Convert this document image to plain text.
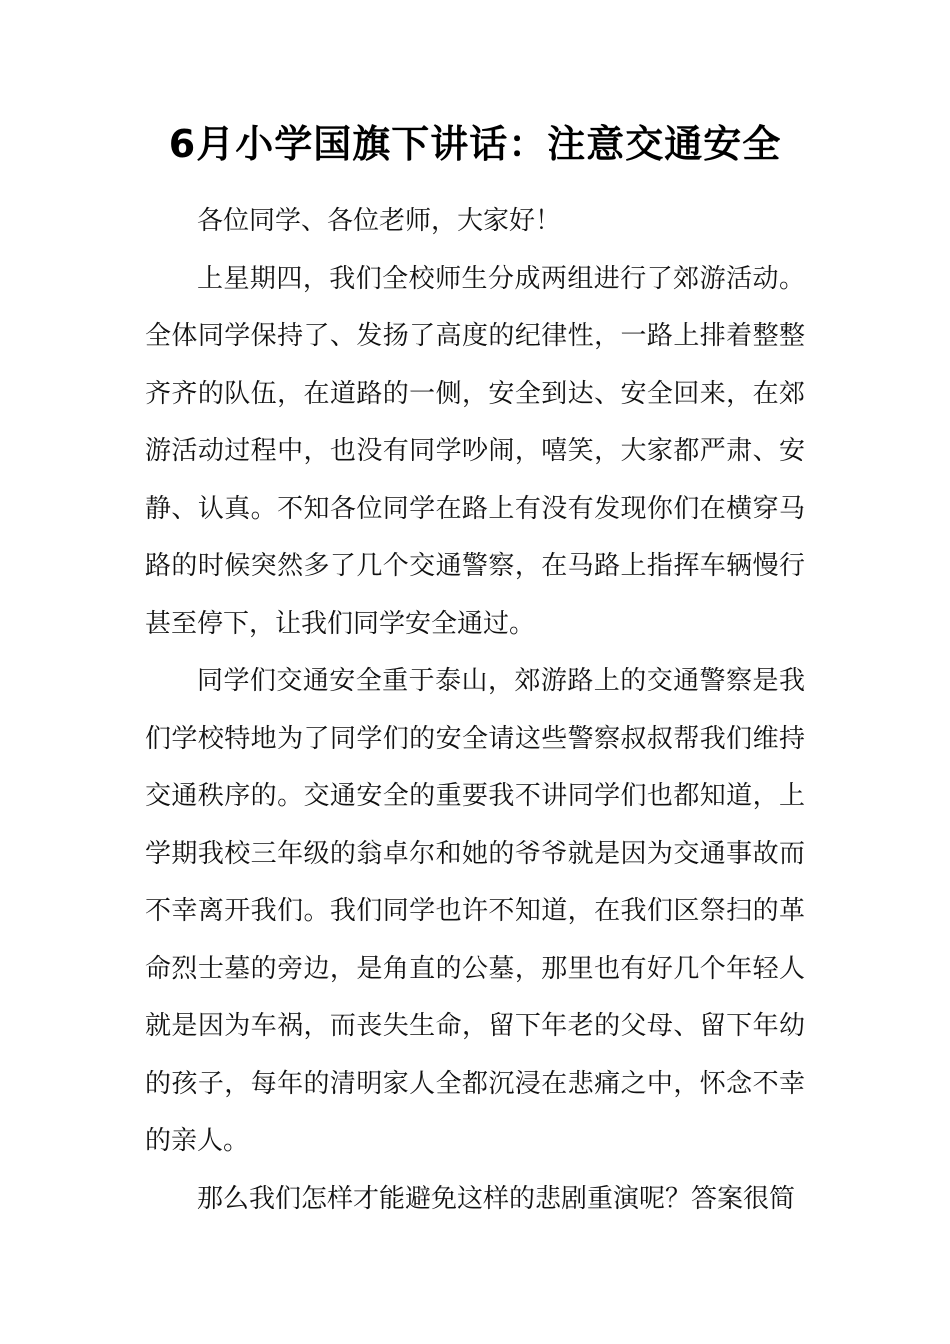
6月小学国旗下讲话：注意交通安全

各位同学、各位老师，大家好！

上星期四，我们全校师生分成两组进行了郊游活动。全体同学保持了、发扬了高度的纪律性，一路上排着整整齐齐的队伍，在道路的一侧，安全到达、安全回来，在郊游活动过程中，也没有同学吵闹，嘻笑，大家都严肃、安静、认真。不知各位同学在路上有没有发现你们在横穿马路的时候突然多了几个交通警察，在马路上指挥车辆慢行甚至停下，让我们同学安全通过。

同学们交通安全重于泰山，郊游路上的交通警察是我们学校特地为了同学们的安全请这些警察叔叔帮我们维持交通秩序的。交通安全的重要我不讲同学们也都知道，上学期我校三年级的翁卓尔和她的爷爷就是因为交通事故而不幸离开我们。我们同学也许不知道，在我们区祭扫的革命烈士墓的旁边，是角直的公墓，那里也有好几个年轻人就是因为车祸，而丧失生命，留下年老的父母、留下年幼的孩子，每年的清明家人全都沉浸在悲痛之中，怀念不幸的亲人。

那么我们怎样才能避免这样的悲剧重演呢？答案很简
